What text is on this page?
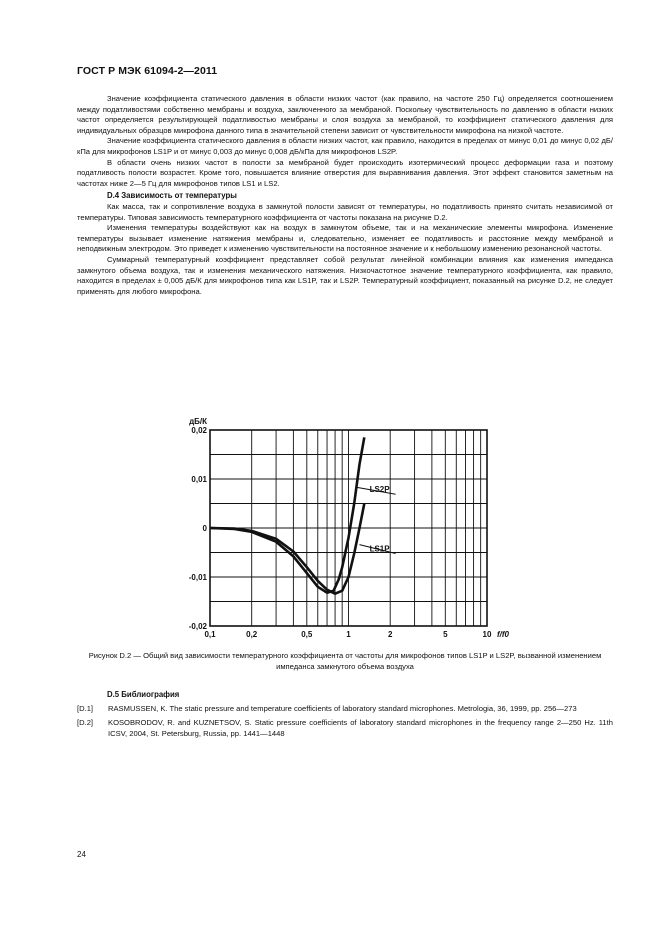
ГОСТ Р МЭК 61094-2—2011

Значение коэффициента статического давления в области низких частот (как правило, на частоте 250 Гц) определяется соотношением между податливостями собственно мембраны и воздуха, заключенного за мембраной. Поскольку чувствительность по давлению в области низких частот определяется результирующей податливостью мембраны и слоя воздуха за мембраной, то коэффициент статического давления для индивидуальных образцов микрофона данного типа в значительной степени зависит от чувствительности микрофона на низкой частоте.

Значение коэффициента статического давления в области низких частот, как правило, находится в пределах от минус 0,01 до минус 0,02 дБ/кПа для микрофонов LS1P и от минус 0,003 до минус 0,008 дБ/кПа для микрофонов LS2P.

В области очень низких частот в полости за мембраной будет происходить изотермический процесс деформации газа и поэтому податливость полости возрастет. Кроме того, повышается влияние отверстия для выравнивания давления. Этот эффект становится заметным на частотах ниже 2—5 Гц для микрофонов типов LS1 и LS2.

D.4 Зависимость от температуры

Как масса, так и сопротивление воздуха в замкнутой полости зависят от температуры, но податливость принято считать независимой от температуры. Типовая зависимость температурного коэффициента от частоты показана на рисунке D.2.

Изменения температуры воздействуют как на воздух в замкнутом объеме, так и на механические элементы микрофона. Изменение температуры вызывает изменение натяжения мембраны и, следовательно, изменяет ее податливость и расстояние между мембраной и неподвижным электродом. Это приведет к изменению чувствительности на постоянное значение и к небольшому изменению резонансной частоты.

Суммарный температурный коэффициент представляет собой результат линейной комбинации влияния как изменения импеданса замкнутого объема воздуха, так и изменения механического натяжения. Низкочастотное значение температурного коэффициента, как правило, находится в пределах ± 0,005 дБ/К для микрофонов типа как LS1P, так и LS2P. Температурный коэффициент, показанный на рисунке D.2, не следует применять для любого микрофона.

LS2P
LS1P
0,02
0,01
0
-0,01
-0,02
0,1	0,2	0,5	1	2	5	10
дБ/К
f/f0
Рисунок D.2 — Общий вид зависимости температурного коэффициента от частоты для микрофонов типов LS1P и LS2P, вызванной изменением импеданса замкнутого объема воздуха
D.5 Библиография
[D.1]	RASMUSSEN, K. The static pressure and temperature coefficients of laboratory standard microphones. Metrologia, 36, 1999, pp. 256—273
[D.2]	KOSOBRODOV, R. and KUZNETSOV, S. Static pressure coefficients of laboratory standard microphones in the frequency range 2—250 Hz. 11th ICSV, 2004, St. Petersburg, Russia, pp. 1441—1448
24
